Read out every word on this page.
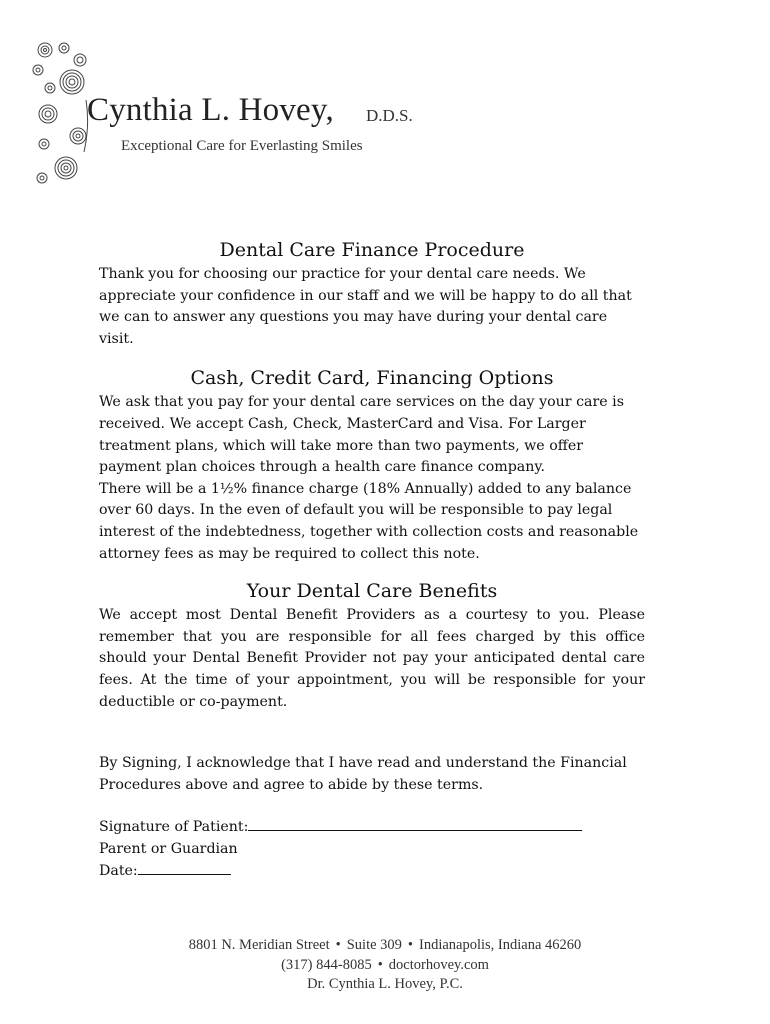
Cynthia L. Hovey, D.D.S.
Exceptional Care for Everlasting Smiles
Dental Care Finance Procedure

Thank you for choosing our practice for your dental care needs. We appreciate your confidence in our staff and we will be happy to do all that we can to answer any questions you may have during your dental care visit.

Cash, Credit Card, Financing Options

We ask that you pay for your dental care services on the day your care is received. We accept Cash, Check, MasterCard and Visa. For Larger treatment plans, which will take more than two payments, we offer payment plan choices through a health care finance company.

There will be a 1½% finance charge (18% Annually) added to any balance over 60 days. In the even of default you will be responsible to pay legal interest of the indebtedness, together with collection costs and reasonable attorney fees as may be required to collect this note.

Your Dental Care Benefits

We accept most Dental Benefit Providers as a courtesy to you. Please remember that you are responsible for all fees charged by this office should your Dental Benefit Provider not pay your anticipated dental care fees. At the time of your appointment, you will be responsible for your deductible or co-payment.

By Signing, I acknowledge that I have read and understand the Financial Procedures above and agree to abide by these terms.

Signature of Patient:
Parent or Guardian
Date:
8801 N. Meridian Street • Suite 309 • Indianapolis, Indiana 46260
(317) 844-8085 • doctorhovey.com
Dr. Cynthia L. Hovey, P.C.
